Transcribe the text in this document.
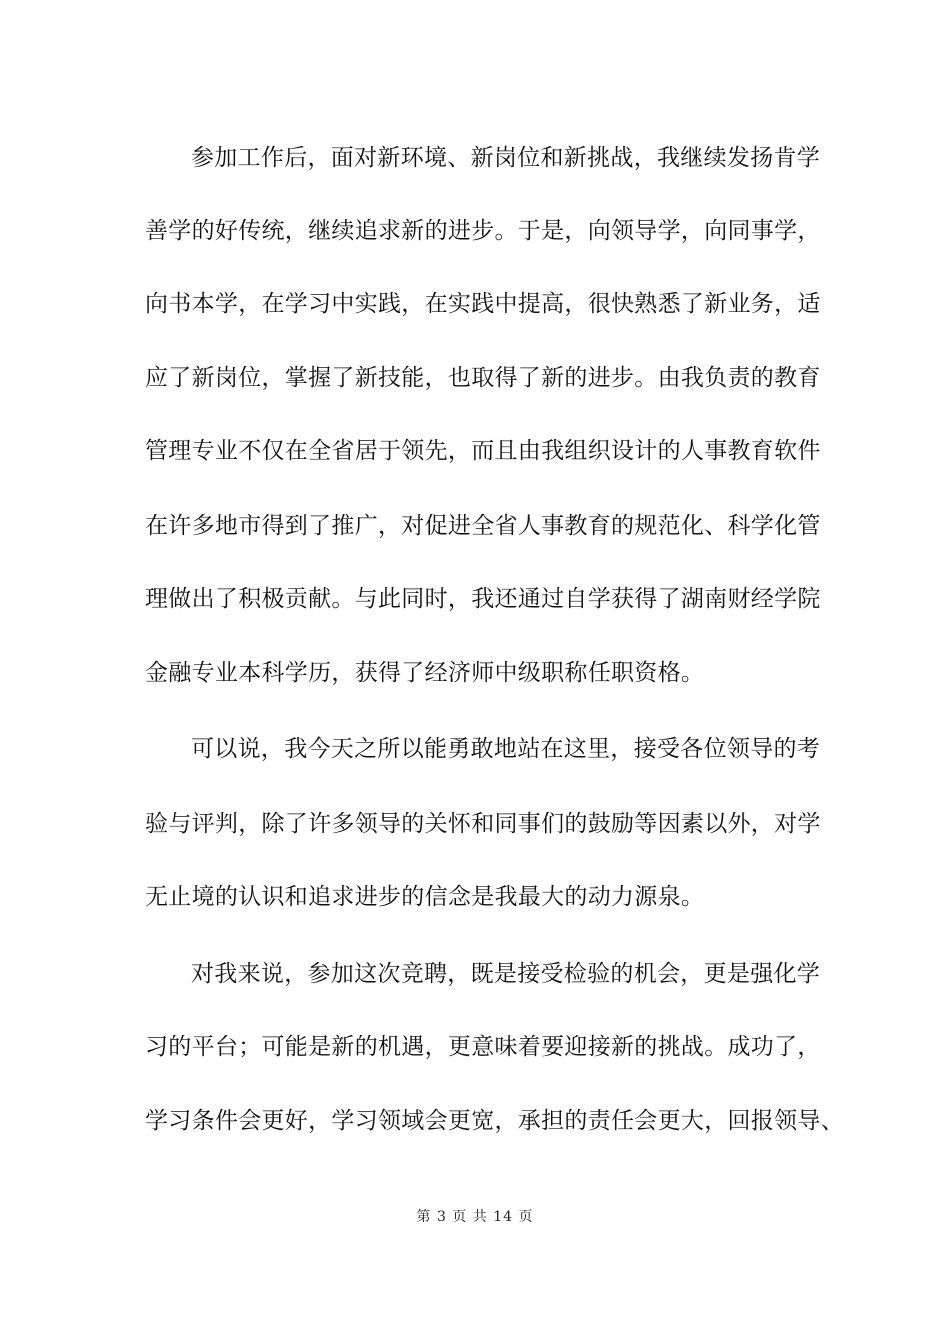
参加工作后，面对新环境、新岗位和新挑战，我继续发扬肯学
善学的好传统，继续追求新的进步。于是，向领导学，向同事学，
向书本学，在学习中实践，在实践中提高，很快熟悉了新业务，适
应了新岗位，掌握了新技能，也取得了新的进步。由我负责的教育
管理专业不仅在全省居于领先，而且由我组织设计的人事教育软件
在许多地市得到了推广，对促进全省人事教育的规范化、科学化管
理做出了积极贡献。与此同时，我还通过自学获得了湖南财经学院
金融专业本科学历，获得了经济师中级职称任职资格。
可以说，我今天之所以能勇敢地站在这里，接受各位领导的考
验与评判，除了许多领导的关怀和同事们的鼓励等因素以外，对学
无止境的认识和追求进步的信念是我最大的动力源泉。
对我来说，参加这次竞聘，既是接受检验的机会，更是强化学
习的平台；可能是新的机遇，更意味着要迎接新的挑战。成功了，
学习条件会更好，学习领域会更宽，承担的责任会更大，回报领导、
第 3 页 共 14 页
